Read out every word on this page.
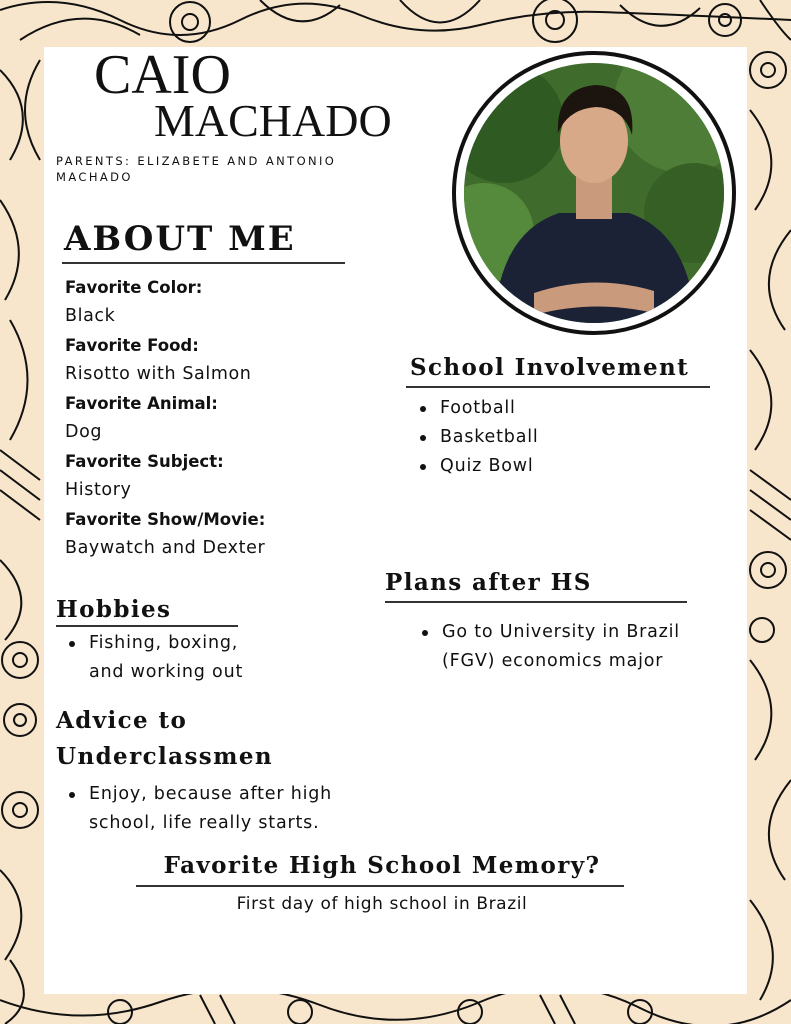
CAIO
MACHADO
PARENTS: ELIZABETE AND ANTONIO MACHADO
ABOUT ME
Favorite Color:
Black
Favorite Food:
Risotto with Salmon
Favorite Animal:
Dog
Favorite Subject:
History
Favorite Show/Movie:
Baywatch and Dexter
School Involvement
Football
Basketball
Quiz Bowl
Plans after HS
Go to University in Brazil
(FGV) economics major
Hobbies
Fishing, boxing,
and working out
Advice to
Underclassmen
Enjoy, because after high
school, life really starts.
Favorite High School Memory?
First day of high school in Brazil
